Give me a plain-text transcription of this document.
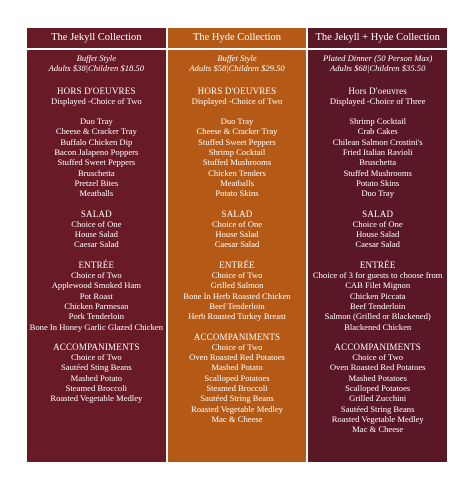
The Jekyll Collection
Buffet Style
Adults $38|Children $18.50
HORS D'OEUVRES
Displayed -Choice of Two
Duo Tray
Cheese & Cracker Tray
Buffalo Chicken Dip
Bacon Jalapeno Poppers
Stuffed Sweet Peppers
Bruschetta
Pretzel Bites
Meatballs
SALAD
Choice of One
House Salad
Caesar Salad
ENTRÉE
Choice of Two
Applewood Smoked Ham
Pot Roast
Chicken Parmesan
Pork Tenderloin
Bone In Honey Garlic Glazed Chicken
ACCOMPANIMENTS
Choice of Two
Sautéed Sting Beans
Mashed Potato
Steamed Broccoli
Roasted Vegetable Medley
The Hyde Collection
Buffet Style
Adults $58|Children $29.50
HORS D'OEUVRES
Displayed -Choice of Two
Duo Tray
Cheese & Cracker Tray
Stuffed Sweet Peppers
Shrimp Cocktail
Stuffed Mushrooms
Chicken Tenders
Meatballs
Potato Skins
SALAD
Choice of One
House Salad
Caesar Salad
ENTRÉE
Choice of Two
Grilled Salmon
Bone In Herb Roasted Chicken
Beef Tenderloin
Herb Roasted Turkey Breast
ACCOMPANIMENTS
Choice of Two
Oven Roasted Red Potatoes
Mashed Potato
Scalloped Potatoes
Steamed Broccoli
Sautéed String Beans
Roasted Vegetable Medley
Mac & Cheese
The Jekyll + Hyde Collection
Plated Dinner (50 Person Max)
Adults $68|Children $35.50
Hors D'oeuvres
Displayed -Choice of Three
Shrimp Cocktail
Crab Cakes
Chilean Salmon Crostini's
Fried Italian Ravioli
Bruschetta
Stuffed Mushrooms
Potato Skins
Duo Tray
SALAD
Choice of One
House Salad
Caesar Salad
ENTRÉE
Choice of 3 for guests to choose from
CAB Filet Mignon
Chicken Piccata
Beef Tenderloin
Salmon (Grilled or Blackened)
Blackened Chicken
ACCOMPANIMENTS
Choice of Two
Oven Roasted Red Potatoes
Mashed Potatoes
Scalloped Potatoes
Grilled Zucchini
Sautéed String Beans
Roasted Vegetable Medley
Mac & Cheese
